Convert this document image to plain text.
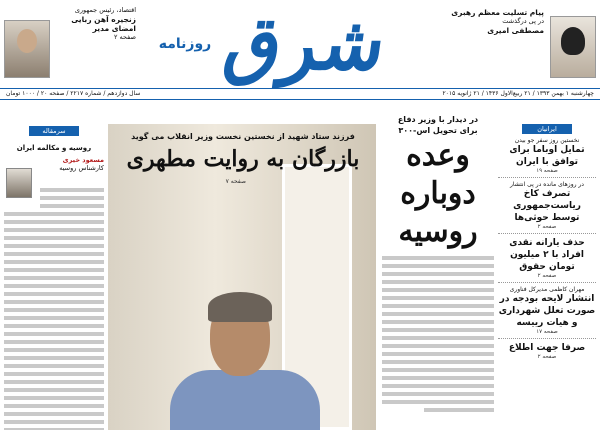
اقتصاد، رئیس جمهوری
زنجیره آهن ربایی
امضای مدیر
صفحه ۲	شرق
روزنامه
پیام تسلیت معظم رهبری
در پی درگذشت
مصطفی امیری
چهارشنبه ۱ بهمن ۱۳۹۳ / ۲۱ ربیع‌الاول ۱۴۳۶ / ۲۱ ژانویه ۲۰۱۵
سال دوازدهم / شماره ۲۲۱۷ / صفحه ۲۰ / ۱۰۰۰ تومان
سرمقاله
روسیه و مکالمه ایران
مسعود خیری
کارشناس روسیه
فرزند ستاد شهید از نخستین نخست وزیر انقلاب می گوید
بازرگان به روایت مطهری
صفحه ۷
در دیدار با وزیر دفاع
برای تحویل اس-۳۰۰
وعده
دوباره
روسیه
ایرانیان
نخستین روز سفر جو بیدن
تمایل اوباما برای توافق با ایران
صفحه ۱۹
در روزهای مانده در پی انتشار
تصرف کاخ ریاست‌جمهوری توسط حوثی‌ها
صفحه ۲
حذف یارانه نقدی افراد با ۲ میلیون تومان حقوق
صفحه ۲
مهران کاظمی مدیرکل فناوری
انتشار لایحه بودجه در صورت تعلل شهرداری و هیات رییسه
صفحه ۱۷
صرفا جهت اطلاع
صفحه ۲
